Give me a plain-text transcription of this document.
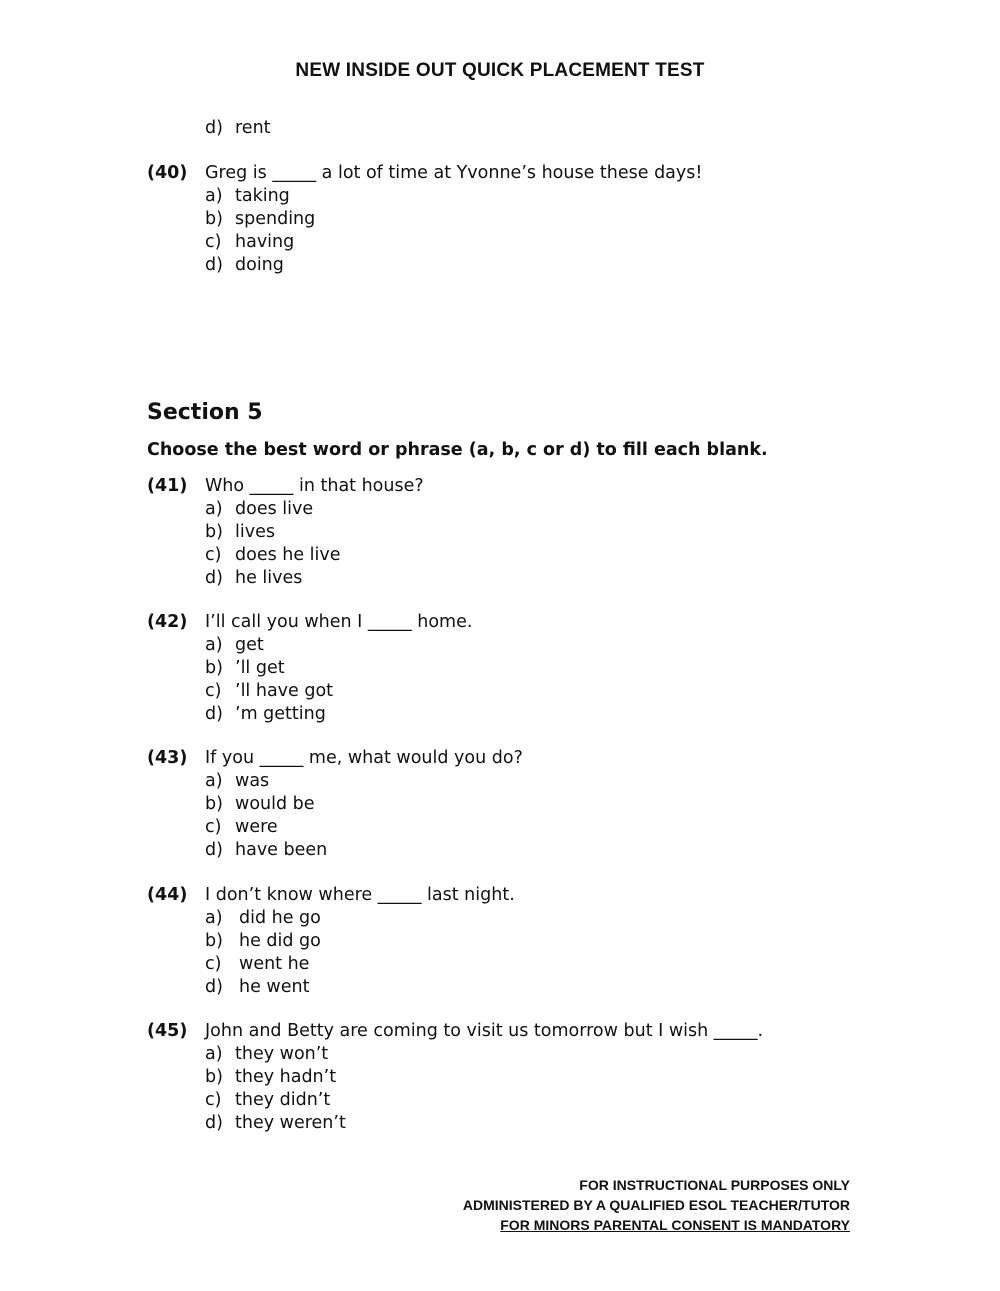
NEW INSIDE OUT QUICK PLACEMENT TEST
d) rent
(40) Greg is _____ a lot of time at Yvonne’s house these days!
a) taking
b) spending
c) having
d) doing
Section 5
Choose the best word or phrase (a, b, c or d) to fill each blank.
(41) Who _____ in that house?
a) does live
b) lives
c) does he live
d) he lives
(42) I’ll call you when I _____ home.
a) get
b) ’ll get
c) ’ll have got
d) ’m getting
(43) If you _____ me, what would you do?
a) was
b) would be
c) were
d) have been
(44) I don’t know where _____ last night.
a) did he go
b) he did go
c) went he
d) he went
(45) John and Betty are coming to visit us tomorrow but I wish _____.
a) they won’t
b) they hadn’t
c) they didn’t
d) they weren’t
FOR INSTRUCTIONAL PURPOSES ONLY
ADMINISTERED BY A QUALIFIED ESOL TEACHER/TUTOR
FOR MINORS PARENTAL CONSENT IS MANDATORY
